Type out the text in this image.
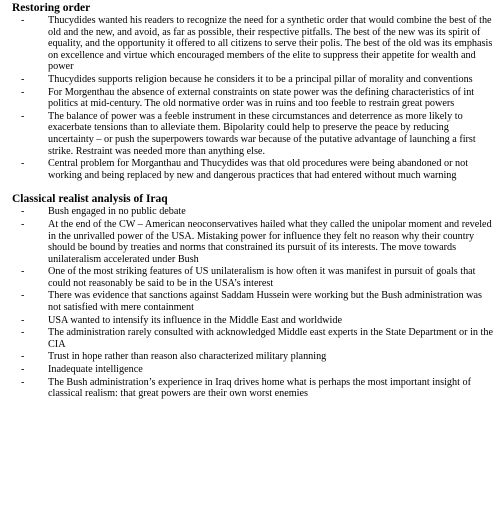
Restoring order
- Thucydides wanted his readers to recognize the need for a synthetic order that would combine the best of the old and the new, and avoid, as far as possible, their respective pitfalls. The best of the new was its spirit of equality, and the opportunity it offered to all citizens to serve their polis. The best of the old was its emphasis on excellence and virtue which encouraged members of the elite to suppress their appetite for wealth and power
- Thucydides supports religion because he considers it to be a principal pillar of morality and conventions
- For Morgenthau the absence of external constraints on state power was the defining characteristics of int politics at mid-century. The old normative order was in ruins and too feeble to restrain great powers
- The balance of power was a feeble instrument in these circumstances and deterrence as more likely to exacerbate tensions than to alleviate them. Bipolarity could help to preserve the peace by reducing uncertainty – or push the superpowers towards war because of the putative advantage of launching a first strike. Restraint was needed more than anything else.
- Central problem for Morganthau and Thucydides was that old procedures were being abandoned or not working and being replaced by new and dangerous practices that had entered without much warning
Classical realist analysis of Iraq
- Bush engaged in no public debate
- At the end of the CW – American neoconservatives hailed what they called the unipolar moment and reveled in the unrivalled power of the USA. Mistaking power for influence they felt no reason why their country should be bound by treaties and norms that constrained its pursuit of its interests. The move towards unilateralism accelerated under Bush
- One of the most striking features of US unilateralism is how often it was manifest in pursuit of goals that could not reasonably be said to be in the USA’s interest
- There was evidence that sanctions against Saddam Hussein were working but the Bush administration was not satisfied with mere containment
- USA wanted to intensify its influence in the Middle East and worldwide
- The administration rarely consulted with acknowledged Middle east experts in the State Department or in the CIA
- Trust in hope rather than reason also characterized military planning
- Inadequate intelligence
- The Bush administration’s experience in Iraq drives home what is perhaps the most important insight of classical realism: that great powers are their own worst enemies
